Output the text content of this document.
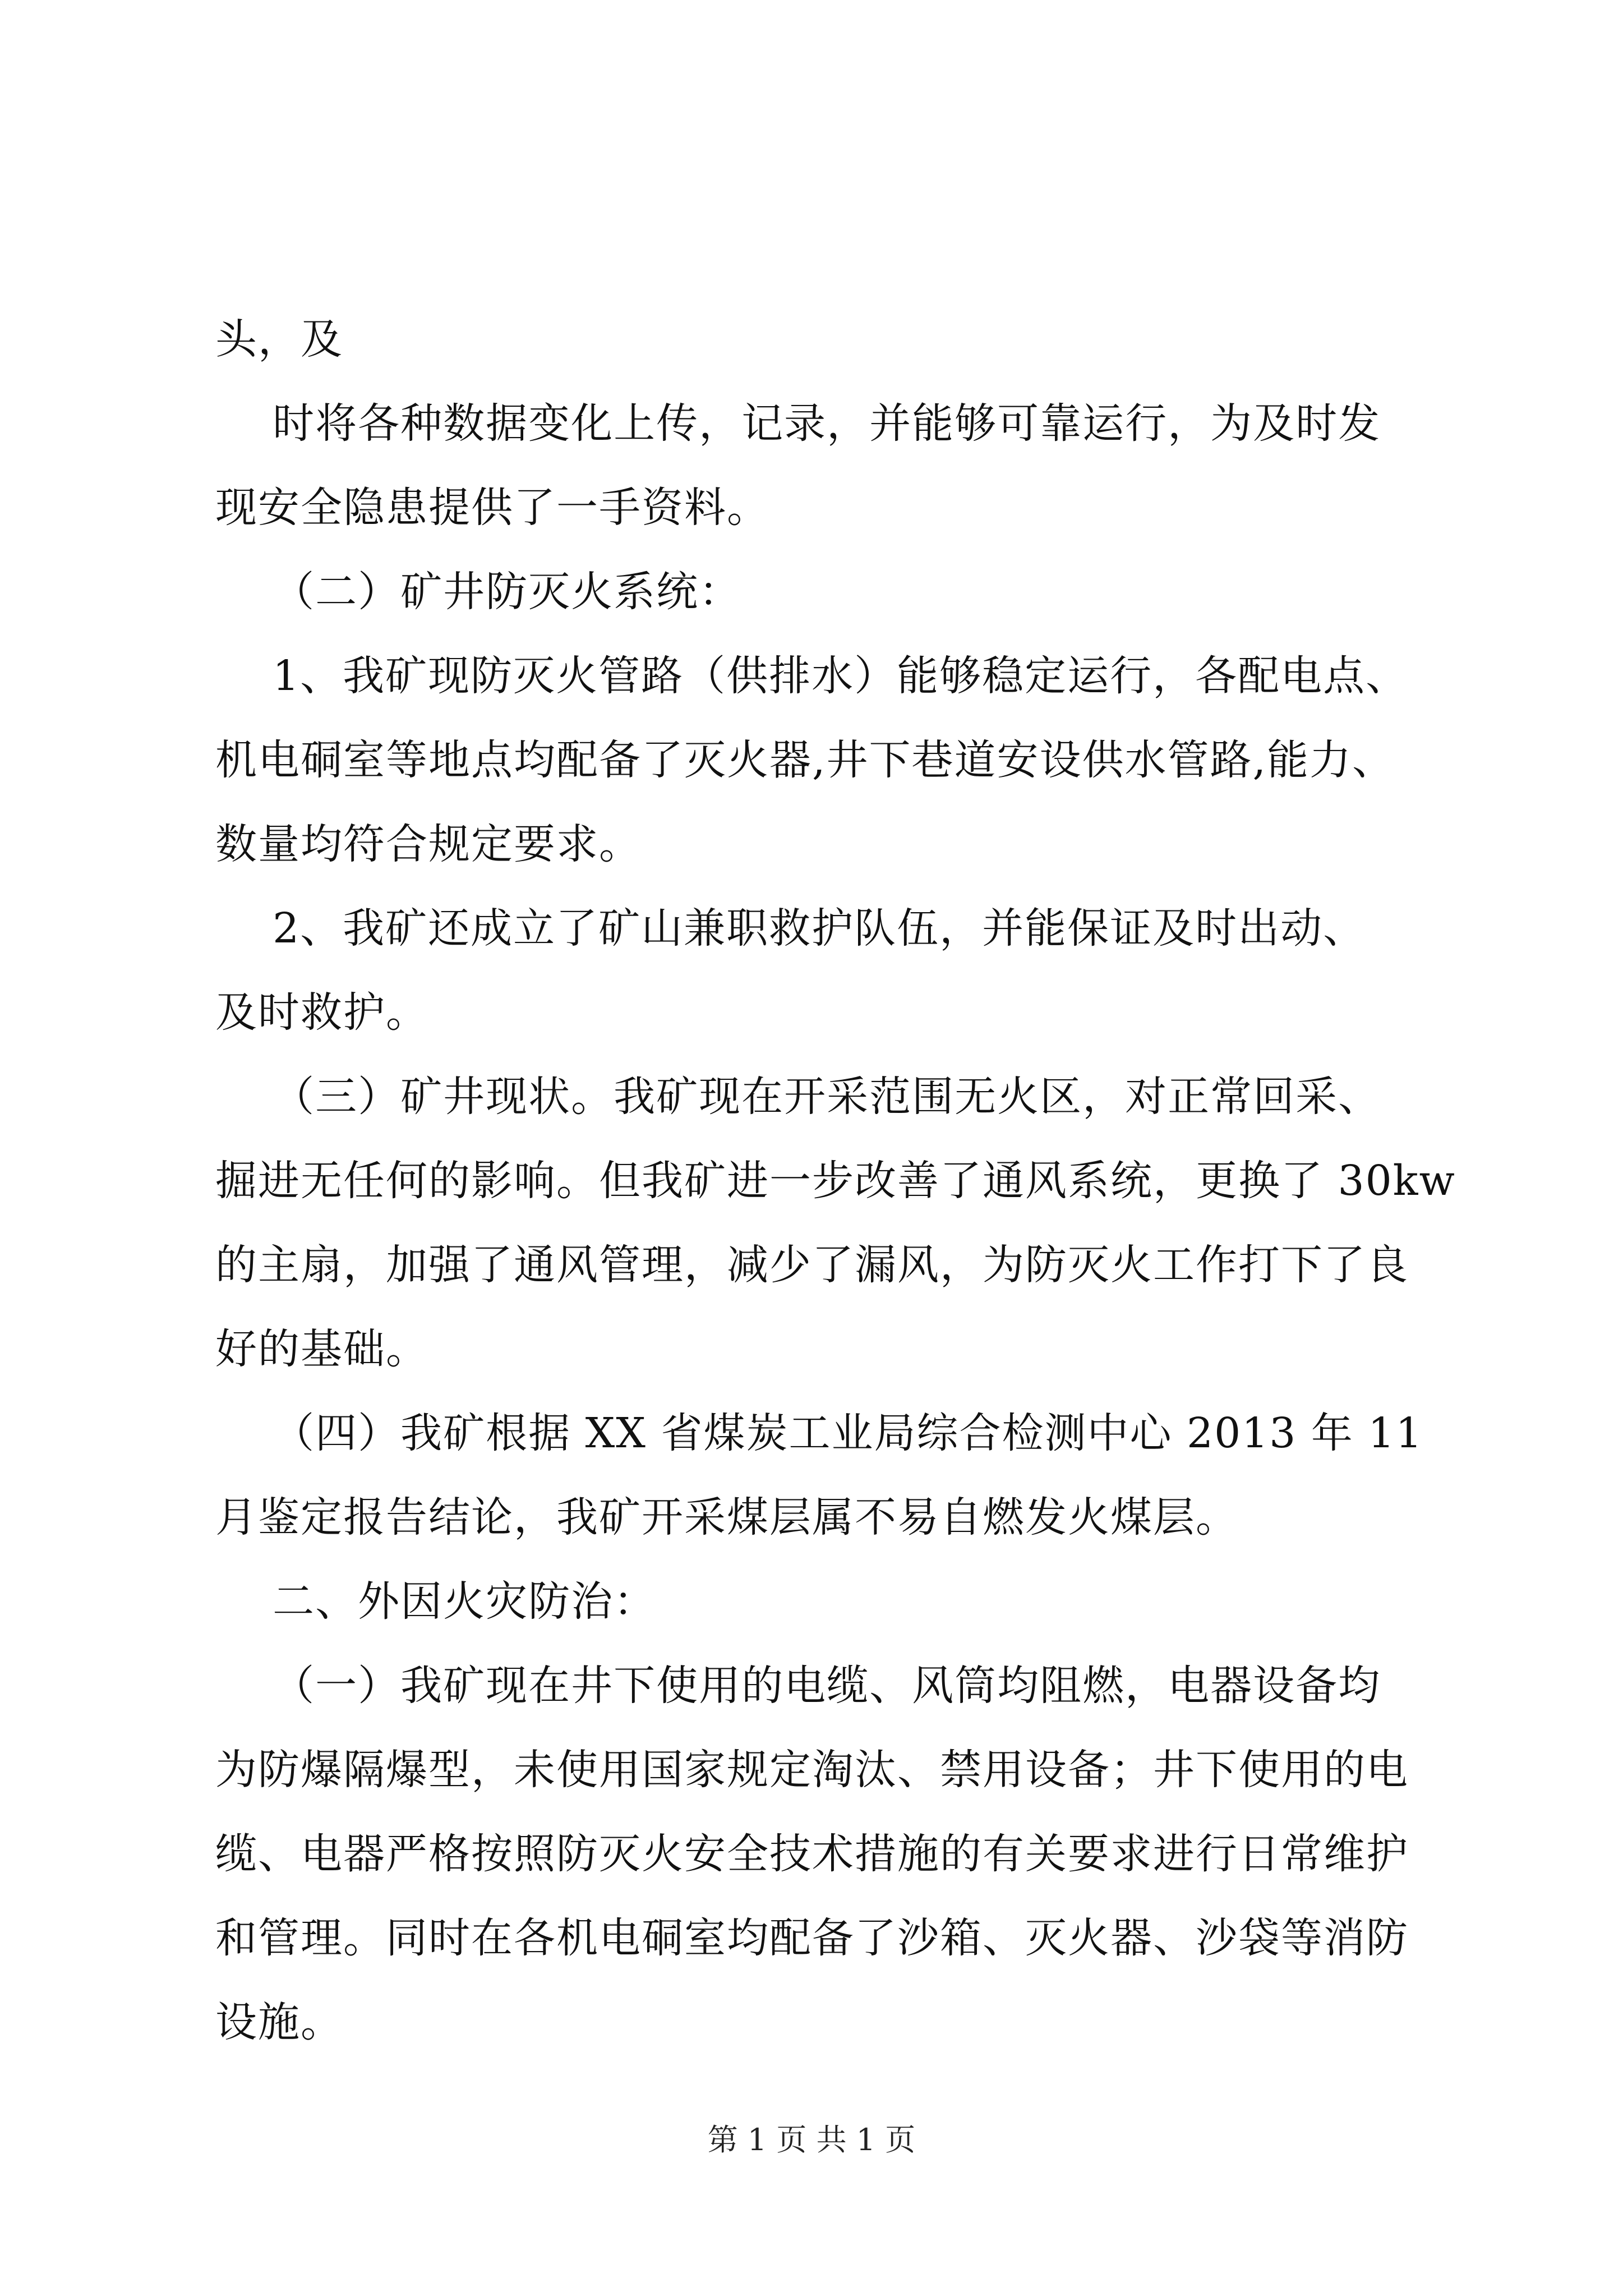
头，及
时将各种数据变化上传，记录，并能够可靠运行，为及时发
现安全隐患提供了一手资料。
（二）矿井防灭火系统：
1、我矿现防灭火管路（供排水）能够稳定运行，各配电点、
机电硐室等地点均配备了灭火器,井下巷道安设供水管路,能力、
数量均符合规定要求。
2、我矿还成立了矿山兼职救护队伍，并能保证及时出动、
及时救护。
（三）矿井现状。我矿现在开采范围无火区，对正常回采、
掘进无任何的影响。但我矿进一步改善了通风系统，更换了 30kw
的主扇，加强了通风管理，减少了漏风，为防灭火工作打下了良
好的基础。
（四）我矿根据 XX 省煤炭工业局综合检测中心 2013 年 11
月鉴定报告结论，我矿开采煤层属不易自燃发火煤层。
二、外因火灾防治：
（一）我矿现在井下使用的电缆、风筒均阻燃，电器设备均
为防爆隔爆型，未使用国家规定淘汰、禁用设备；井下使用的电
缆、电器严格按照防灭火安全技术措施的有关要求进行日常维护
和管理。同时在各机电硐室均配备了沙箱、灭火器、沙袋等消防
设施。
第 1 页 共 1 页
